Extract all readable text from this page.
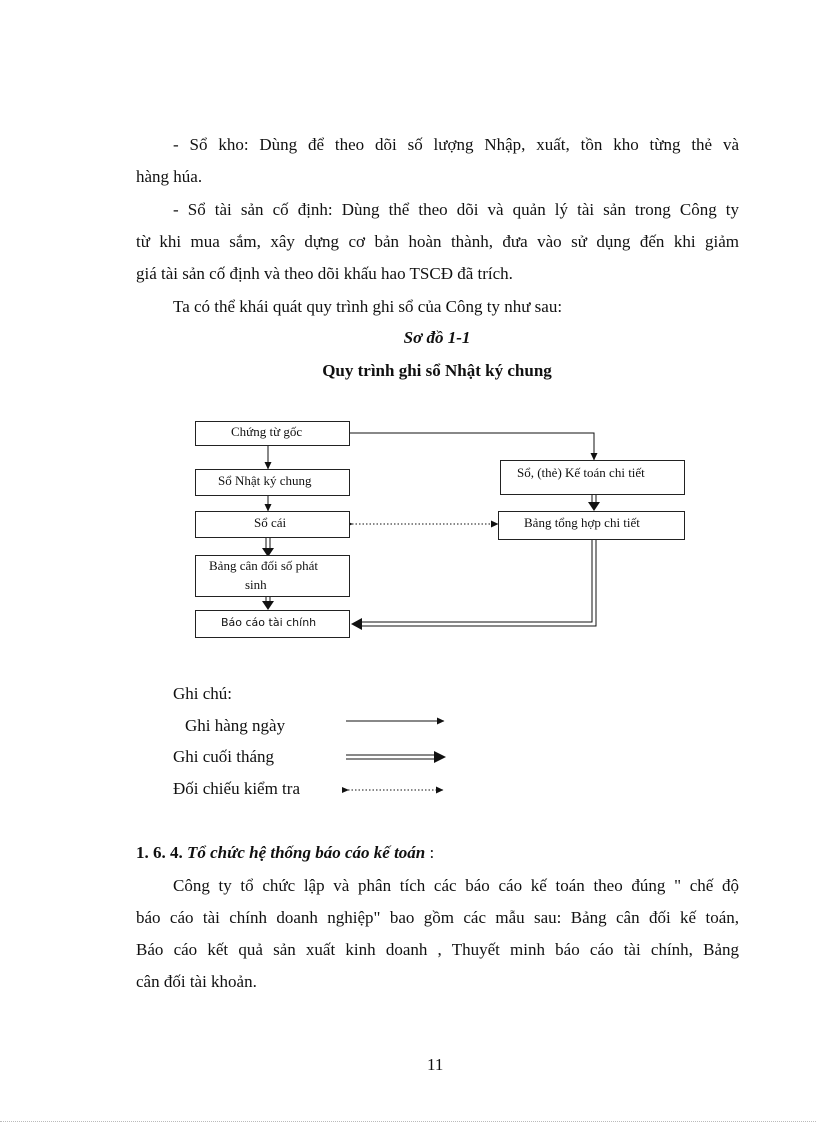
- Sổ kho: Dùng để theo dõi số lượng Nhập, xuất, tồn kho từng thẻ và
hàng húa.
- Sổ tài sản cố định: Dùng thể theo dõi và quản lý tài sản trong Công ty
từ khi mua sắm, xây dựng cơ bản hoàn thành, đưa vào sử dụng đến khi giảm
giá tài sản cố định và theo dõi khấu hao TSCĐ đã trích.
Ta có thể khái quát quy trình ghi sổ của Công ty như sau:
Sơ đồ 1-1
Quy trình ghi sổ Nhật ký chung
Chứng từ gốc
Sổ Nhật ký chung
Sổ cái
Bảng cân đối số phát
sinh
Báo cáo tài chính
Sổ, (thẻ) Kế toán chi tiết
Bảng tổng hợp chi tiết
Ghi chú:
Ghi hàng ngày
Ghi cuối tháng
Đối chiếu kiểm tra
1. 6. 4. Tổ chức hệ thống báo cáo kế toán :
Công ty tổ chức lập và phân tích các báo cáo kế toán theo đúng " chế độ
báo cáo tài chính doanh nghiệp" bao gồm các mẫu sau: Bảng cân đối kế toán,
Báo cáo kết quả sản xuất kinh doanh , Thuyết minh báo cáo tài chính, Bảng
cân đối tài khoản.
11
